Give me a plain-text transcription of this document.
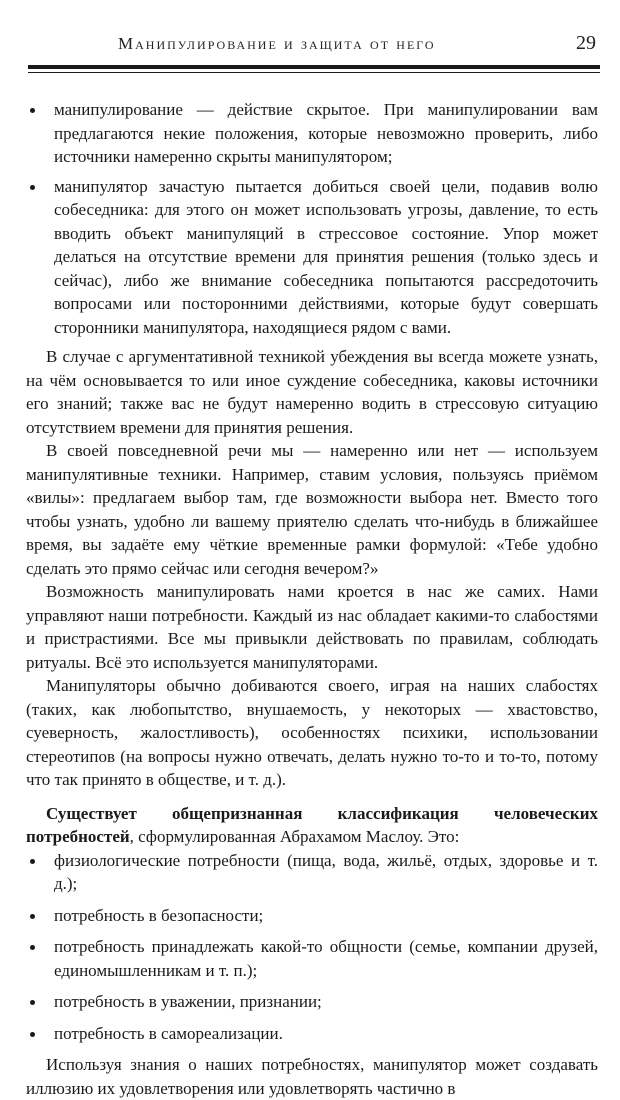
Манипулирование и защита от него	29
манипулирование — действие скрытое. При манипулировании вам предлагаются некие положения, которые невозможно проверить, либо источники намеренно скрыты манипулятором;
манипулятор зачастую пытается добиться своей цели, подавив волю собеседника: для этого он может использовать угрозы, давление, то есть вводить объект манипуляций в стрессовое состояние. Упор может делаться на отсутствие времени для принятия решения (только здесь и сейчас), либо же внимание собеседника попытаются рассредоточить вопросами или посторонними действиями, которые будут совершать сторонники манипулятора, находящиеся рядом с вами.

В случае с аргументативной техникой убеждения вы всегда можете узнать, на чём основывается то или иное суждение собеседника, каковы источники его знаний; также вас не будут намеренно водить в стрессовую ситуацию отсутствием времени для принятия решения.

В своей повседневной речи мы — намеренно или нет — используем манипулятивные техники. Например, ставим условия, пользуясь приёмом «вилы»: предлагаем выбор там, где возможности выбора нет. Вместо того чтобы узнать, удобно ли вашему приятелю сделать что-нибудь в ближайшее время, вы задаёте ему чёткие временные рамки формулой: «Тебе удобно сделать это прямо сейчас или сегодня вечером?»

Возможность манипулировать нами кроется в нас же самих. Нами управляют наши потребности. Каждый из нас обладает какими-то слабостями и пристрастиями. Все мы привыкли действовать по правилам, соблюдать ритуалы. Всё это используется манипуляторами.

Манипуляторы обычно добиваются своего, играя на наших слабостях (таких, как любопытство, внушаемость, у некоторых — хвастовство, суеверность, жалостливость), особенностях психики, использовании стереотипов (на вопросы нужно отвечать, делать нужно то-то и то-то, потому что так принято в обществе, и т. д.).

Существует общепризнанная классификация человеческих потребностей, сформулированная Абрахамом Маслоу. Это:

физиологические потребности (пища, вода, жильё, отдых, здоровье и т. д.);
потребность в безопасности;
потребность принадлежать какой-то общности (семье, компании друзей, единомышленникам и т. п.);
потребность в уважении, признании;
потребность в самореализации.

Используя знания о наших потребностях, манипулятор может создавать иллюзию их удовлетворения или удовлетворять частично в
